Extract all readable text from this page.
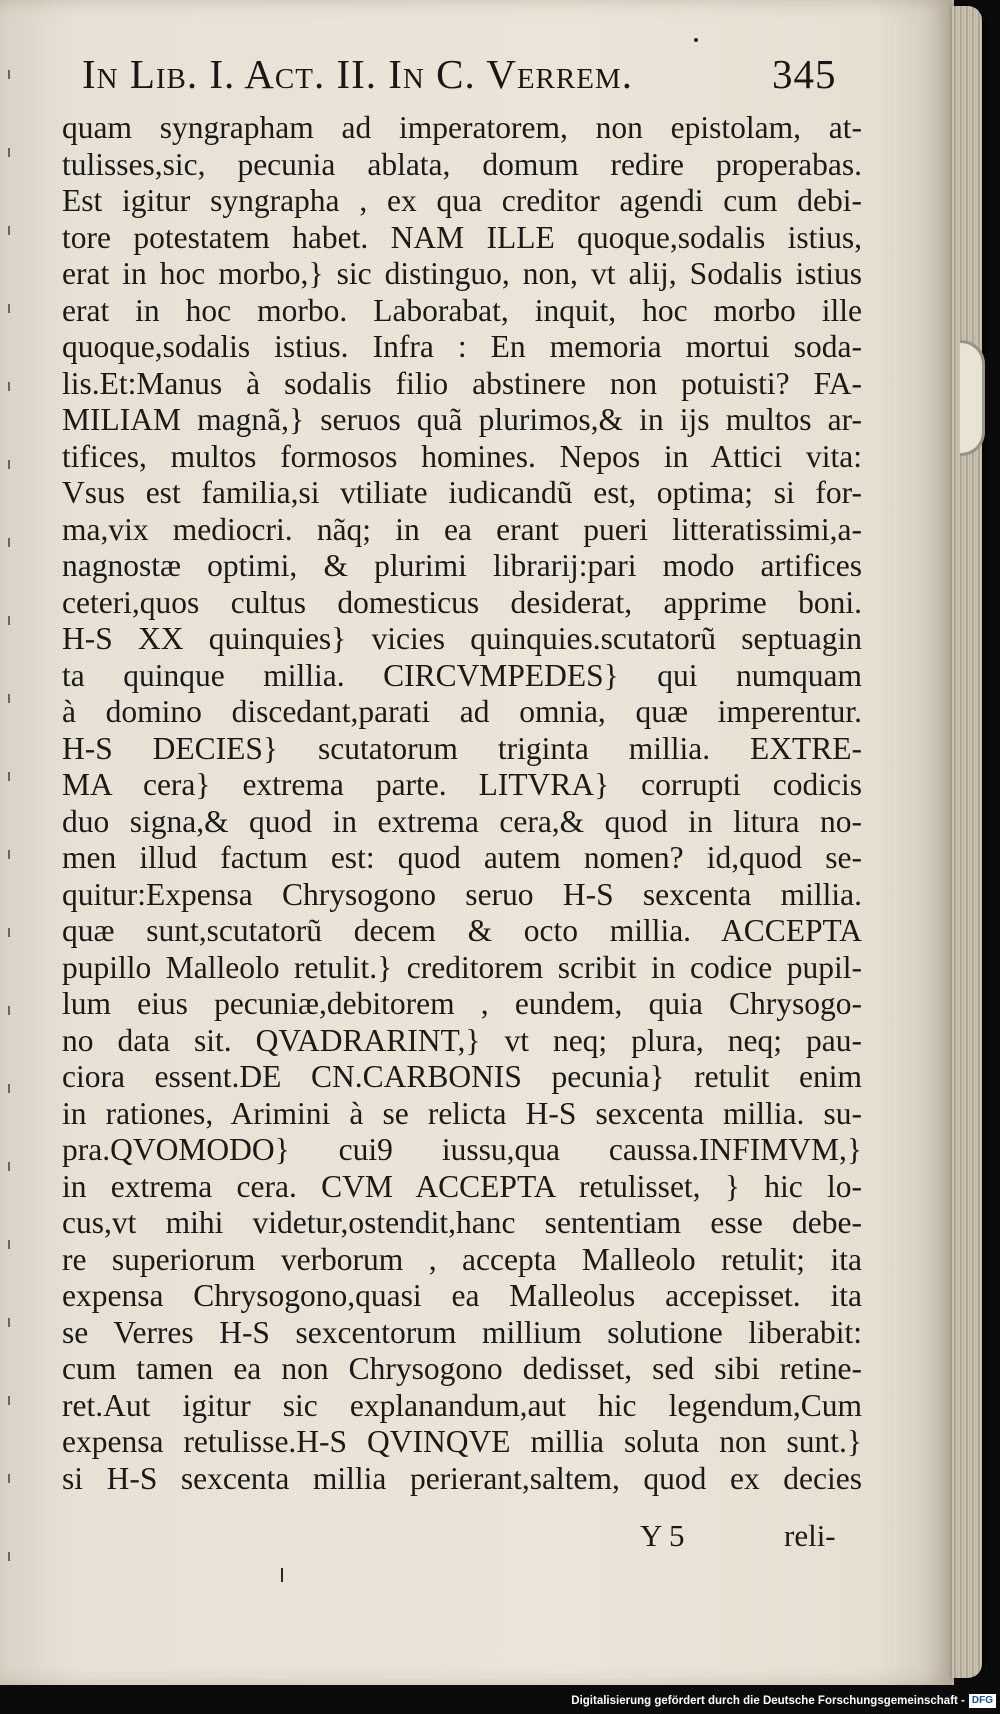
In Lib. I. Act. II. In C. Verrem.	345
quam syngrapham ad imperatorem, non epistolam, at-
tulisses,sic, pecunia ablata, domum redire properabas.
Est igitur syngrapha , ex qua creditor agendi cum debi-
tore potestatem habet. NAM ILLE quoque,sodalis istius,
erat in hoc morbo,} sic distinguo, non, vt alij, Sodalis istius
erat in hoc morbo. Laborabat, inquit, hoc morbo ille
quoque,sodalis istius. Infra : En memoria mortui soda-
lis.Et:Manus à sodalis filio abstinere non potuisti? FA-
MILIAM magnã,} seruos quã plurimos,& in ijs multos ar-
tifices, multos formosos homines. Nepos in Attici vita:
Vsus est familia,si vtiliate iudicandũ est, optima; si for-
ma,vix mediocri. nãq; in ea erant pueri litteratissimi,a-
nagnostæ optimi, & plurimi librarij:pari modo artifices
ceteri,quos cultus domesticus desiderat, apprime boni.
H-S XX quinquies} vicies quinquies.scutatorũ septuagin
ta quinque millia. CIRCVMPEDES} qui numquam
à domino discedant,parati ad omnia, quæ imperentur.
H-S DECIES} scutatorum triginta millia. EXTRE-
MA cera} extrema parte. LITVRA} corrupti codicis
duo signa,& quod in extrema cera,& quod in litura no-
men illud factum est: quod autem nomen? id,quod se-
quitur:Expensa Chrysogono seruo H-S sexcenta millia.
quæ sunt,scutatorũ decem & octo millia. ACCEPTA
pupillo Malleolo retulit.} creditorem scribit in codice pupil-
lum eius pecuniæ,debitorem , eundem, quia Chrysogo-
no data sit. QVADRARINT,} vt neq; plura, neq; pau-
ciora essent.DE CN.CARBONIS pecunia} retulit enim
in rationes, Arimini à se relicta H-S sexcenta millia. su-
pra.QVOMODO} cui9 iussu,qua caussa.INFIMVM,}
in extrema cera. CVM ACCEPTA retulisset, } hic lo-
cus,vt mihi videtur,ostendit,hanc sententiam esse debe-
re superiorum verborum , accepta Malleolo retulit; ita
expensa Chrysogono,quasi ea Malleolus accepisset. ita
se Verres H-S sexcentorum millium solutione liberabit:
cum tamen ea non Chrysogono dedisset, sed sibi retine-
ret.Aut igitur sic explanandum,aut hic legendum,Cum
expensa retulisse.H-S QVINQVE millia soluta non sunt.}
si H-S sexcenta millia perierant,saltem, quod ex decies
Y 5	reli-
Digitalisierung gefördert durch die Deutsche Forschungsgemeinschaft - DFG
